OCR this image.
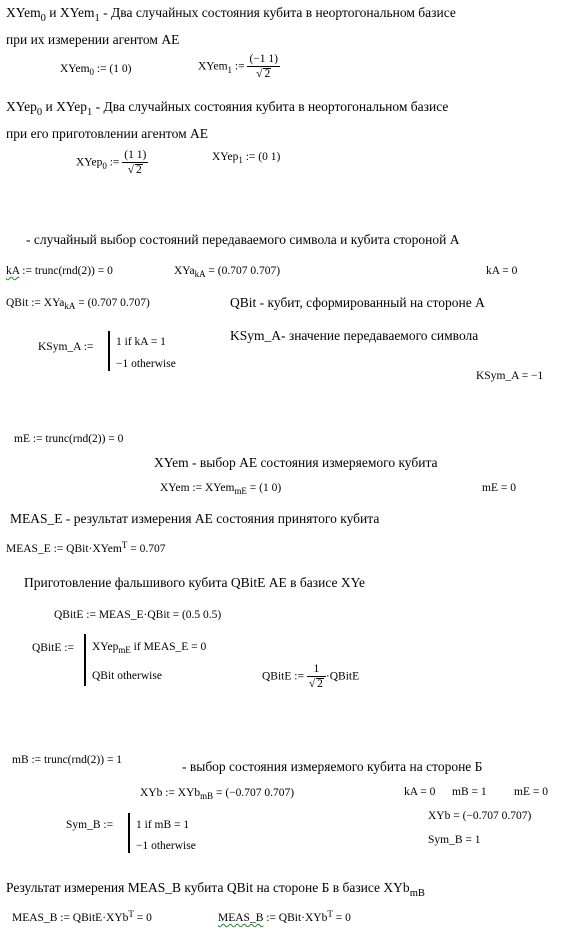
XYem$_0$ и XYem$_1$ - Два случайных состояния кубита в неортогональном базисе
при их измерении агентом АЕ
XYem$_0$ := (1 0)	XYem$_1$ := $\frac{(-1 1)}{√ 2}$
XYep$_0$ и XYep$_1$ - Два случайных состояния кубита в неортогональном базисе
при его приготовлении агентом АЕ
XYep$_0$ := $\frac{(1 1)}{√ 2}$	XYep$_1$ := (0 1)
- случайный выбор состояний передаваемого символа и кубита стороной А
kA := trunc(rnd(2)) = 0	XYa$_{kA}$ = (0.707 0.707)	kA = 0
QBit := XYa$_{kA}$ = (0.707 0.707)	QBit - кубит, сформированный на стороне А
KSym_A- значение передаваемого символа
KSym_A := 1 if kA = 1
−1 otherwise
KSym_A = −1
mE := trunc(rnd(2)) = 0
XYem - выбор АЕ состояния измеряемого кубита
XYem := XYem$_{mE}$ = (1 0)	mE = 0
MEAS_E - результат измерения АЕ состояния принятого кубита
MEAS_E := QBit·XYem$^T$ = 0.707
Приготовление фальшивого кубита QBitE АЕ в базисе XYe
QBitE := MEAS_E·QBit = (0.5 0.5)
QBitE := XYep$_{mE}$ if MEAS_E = 0
QBit otherwise	QBitE := $\frac{1}{√ 2}$ ·QBitE
mB := trunc(rnd(2)) = 1	- выбор состояния измеряемого кубита на стороне Б
XYb := XYb$_{mB}$ = (−0.707 0.707)	kA = 0 mB = 1 mE = 0
XYb = (−0.707 0.707)
Sym_B = 1
Sym_B := 1 if mB = 1
−1 otherwise
Результат измерения MEAS_B кубита QBit на стороне Б в базисе XYb$_{mB}$
MEAS_B := QBitE·XYb$^T$ = 0	MEAS_B := QBit·XYb$^T$ = 0
